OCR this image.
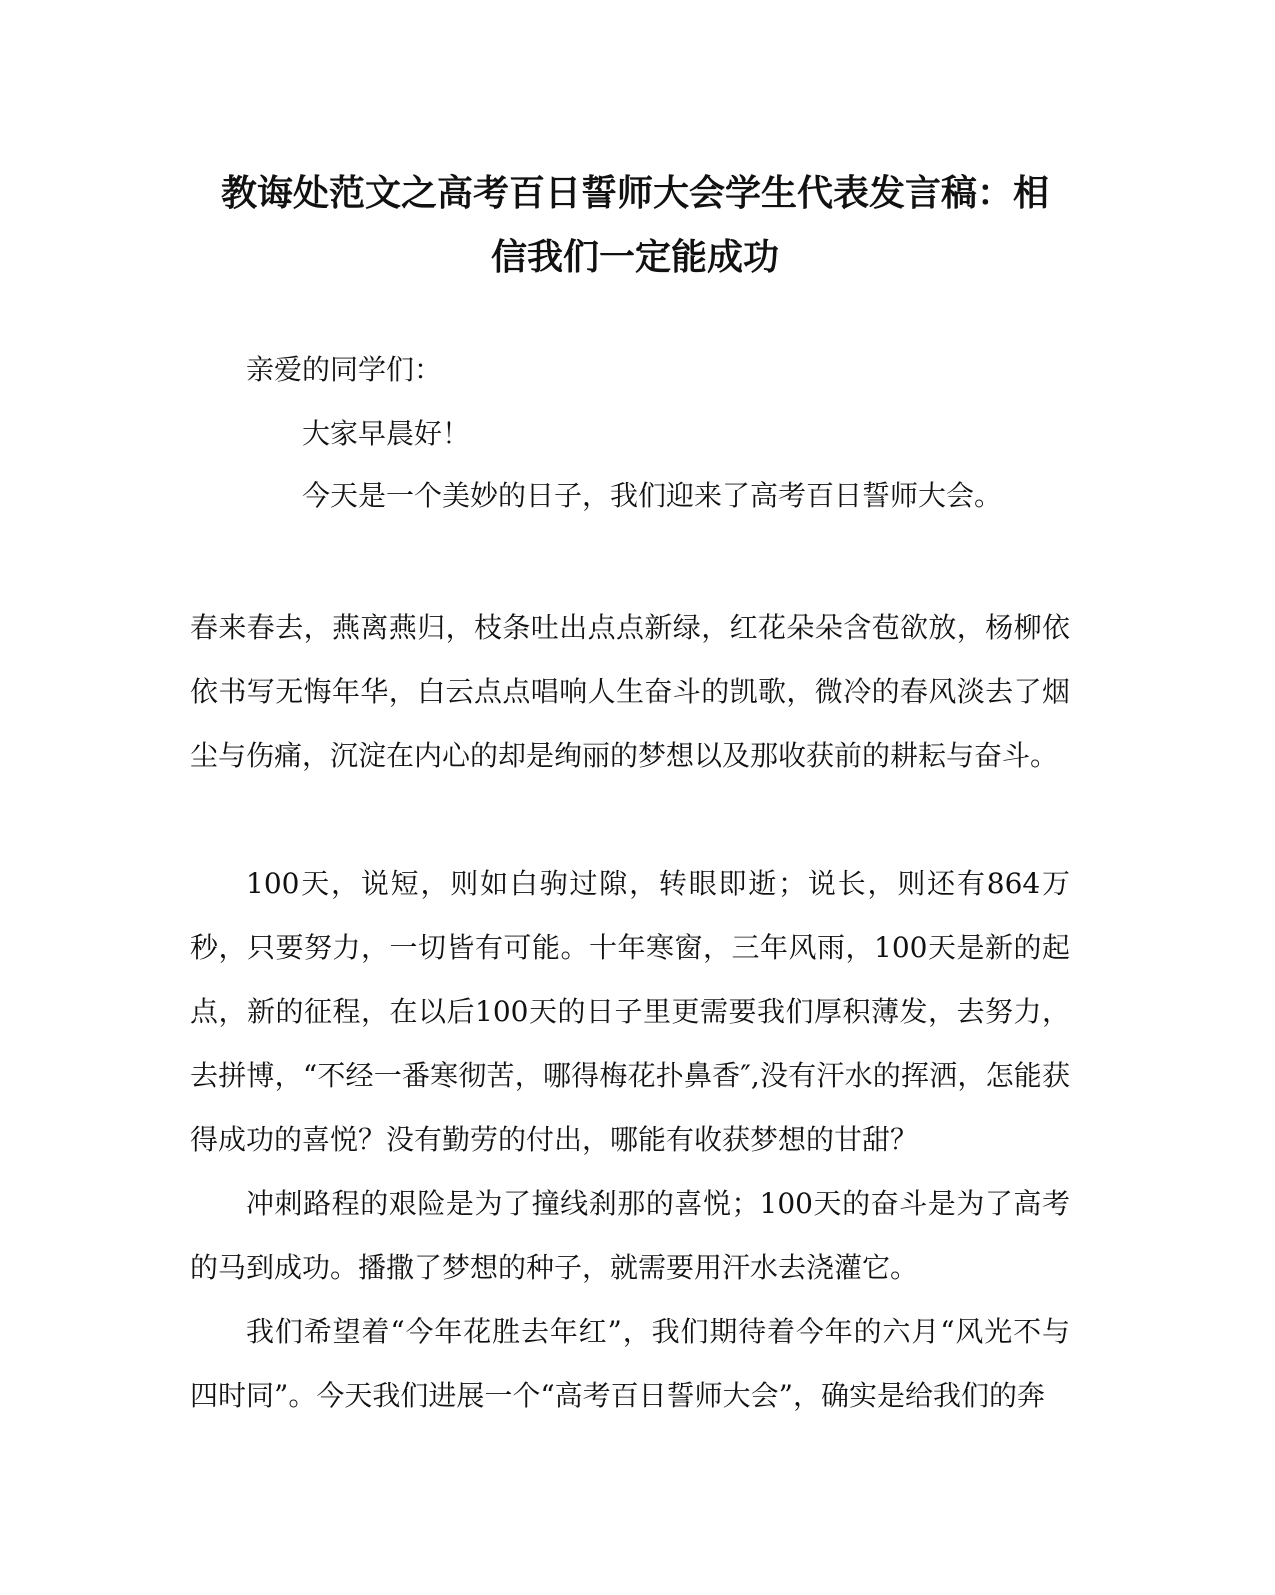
教诲处范文之高考百日誓师大会学生代表发言稿：相
信我们一定能成功
亲爱的同学们：
大家早晨好！
今天是一个美妙的日子，我们迎来了高考百日誓师大会。

春来春去，燕离燕归，枝条吐出点点新绿，红花朵朵含苞欲放，杨柳依依书写无悔年华，白云点点唱响人生奋斗的凯歌，微冷的春风淡去了烟尘与伤痛，沉淀在内心的却是绚丽的梦想以及那收获前的耕耘与奋斗。

100天，说短，则如白驹过隙，转眼即逝；说长，则还有864万秒，只要努力，一切皆有可能。十年寒窗，三年风雨，100天是新的起点，新的征程，在以后100天的日子里更需要我们厚积薄发，去努力，去拼博，“不经一番寒彻苦，哪得梅花扑鼻香″,没有汗水的挥洒，怎能获得成功的喜悦？没有勤劳的付出，哪能有收获梦想的甘甜？

冲刺路程的艰险是为了撞线刹那的喜悦；100天的奋斗是为了高考的马到成功。播撒了梦想的种子，就需要用汗水去浇灌它。

我们希望着“今年花胜去年红”，我们期待着今年的六月“风光不与四时同”。今天我们进展一个“高考百日誓师大会”，确实是给我们的奔
